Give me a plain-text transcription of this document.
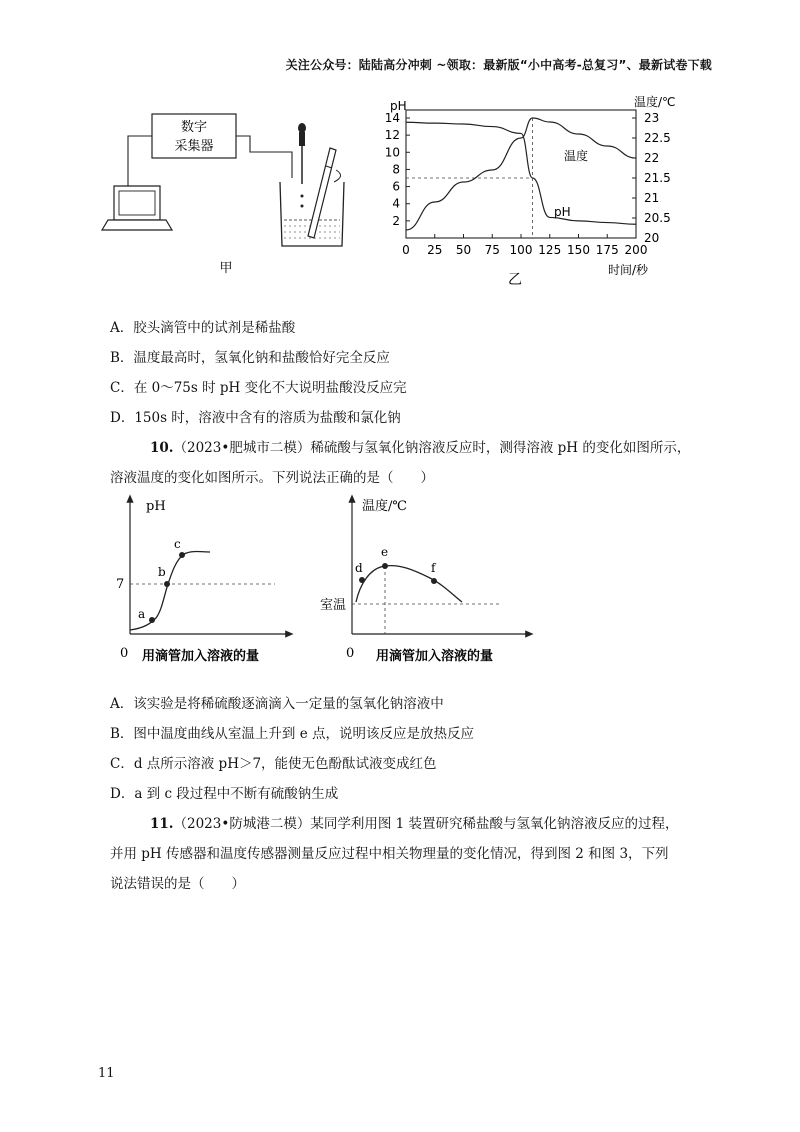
关注公众号：陆陆高分冲刺 ~领取：最新版“小中高考-总复习”、最新试卷下载
数字
采集器
甲
14
12
10
8
6
4
2
23
22.5
22
21.5
21
20.5
20
0 25 50 75 100 125 150 175 200
pH	温度/℃
温度
pH
时间/秒
乙
A．胶头滴管中的试剂是稀盐酸
B．温度最高时，氢氧化钠和盐酸恰好完全反应
C．在 0～75s 时 pH 变化不大说明盐酸没反应完
D．150s 时，溶液中含有的溶质为盐酸和氯化钠
10.（2023•肥城市二模）稀硫酸与氢氧化钠溶液反应时，测得溶液 pH 的变化如图所示，
溶液温度的变化如图所示。下列说法正确的是（　　）
pH
7
0 用滴管加入溶液的量
a
b
c
温度/℃
室温
0 用滴管加入溶液的量
d
e
f
A．该实验是将稀硫酸逐滴滴入一定量的氢氧化钠溶液中
B．图中温度曲线从室温上升到 e 点，说明该反应是放热反应
C．d 点所示溶液 pH＞7，能使无色酚酞试液变成红色
D．a 到 c 段过程中不断有硫酸钠生成
11.（2023•防城港二模）某同学利用图 1 装置研究稀盐酸与氢氧化钠溶液反应的过程，
并用 pH 传感器和温度传感器测量反应过程中相关物理量的变化情况，得到图 2 和图 3，下列
说法错误的是（　　）
11
